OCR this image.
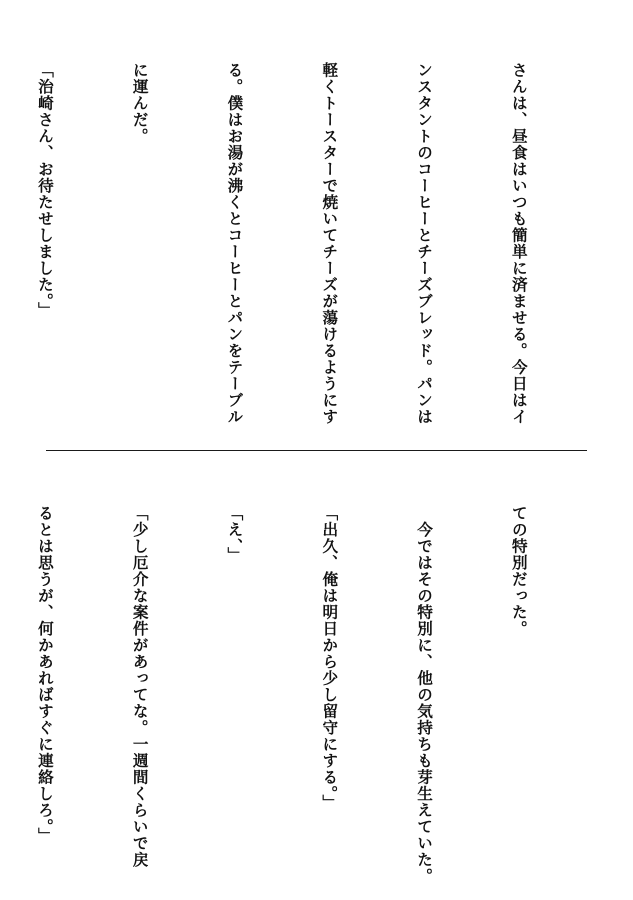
さんは、昼食はいつも簡単に済ませる。今日はイ

ンスタントのコーヒーとチーズブレッド。パンは

軽くトースターで焼いてチーズが蕩けるようにす

る。僕はお湯が沸くとコーヒーとパンをテーブル

に運んだ。

「治崎さん、お待たせしました。」

ての特別だった。

　今ではその特別に、他の気持ちも芽生えていた。

「出久、俺は明日から少し留守にする。」

「え、」

「少し厄介な案件があってな。一週間くらいで戻

るとは思うが、何かあればすぐに連絡しろ。」
